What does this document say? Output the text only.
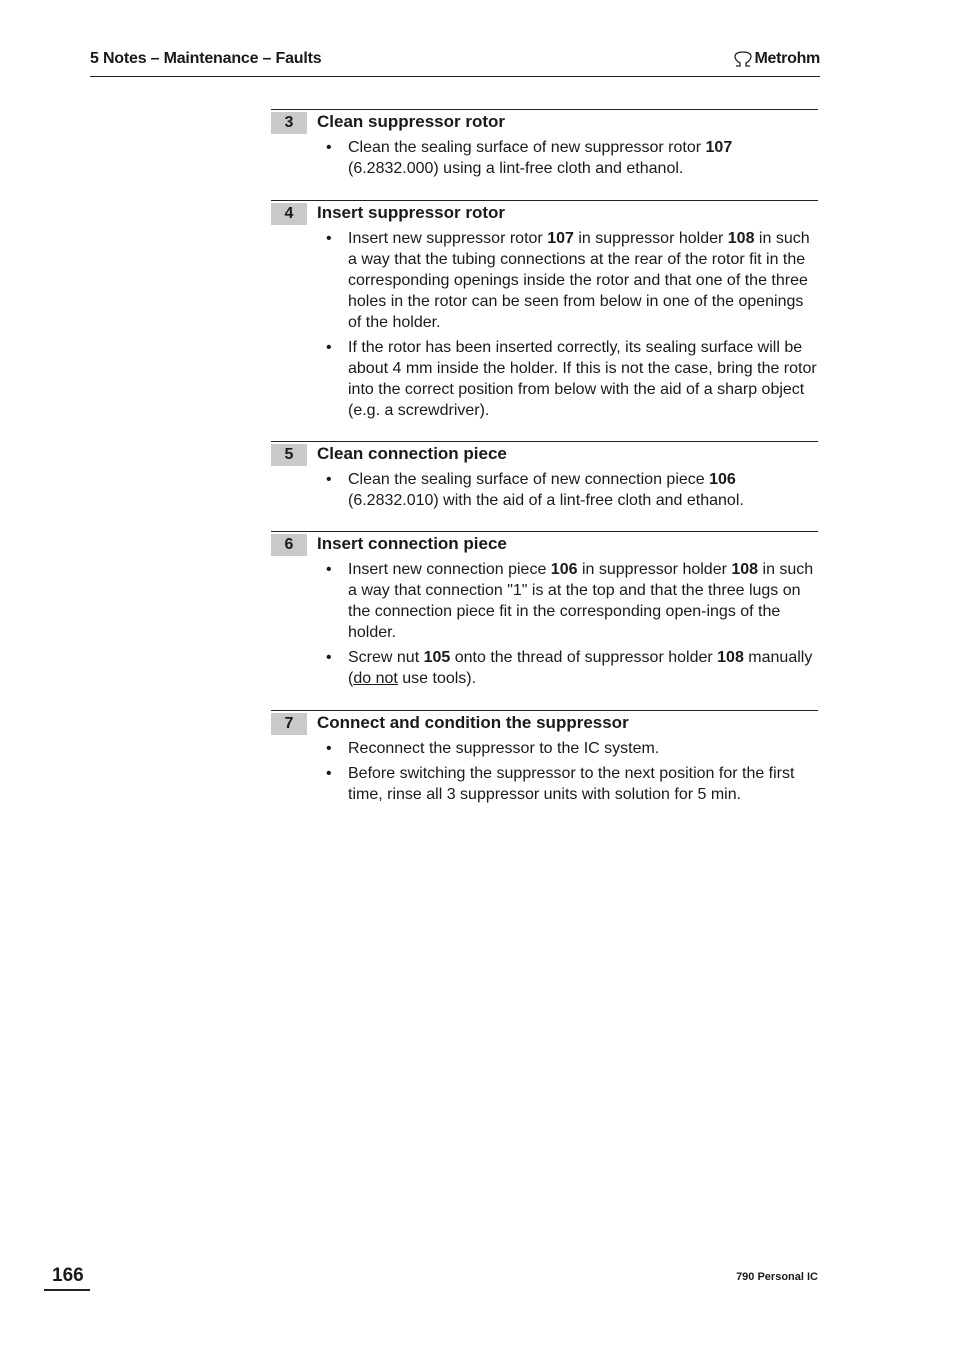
5 Notes – Maintenance – Faults	Metrohm
3	Clean suppressor rotor
• Clean the sealing surface of new suppressor rotor 107 (6.2832.000) using a lint-free cloth and ethanol.
4	Insert suppressor rotor
• Insert new suppressor rotor 107 in suppressor holder 108 in such a way that the tubing connections at the rear of the rotor fit in the corresponding openings inside the rotor and that one of the three holes in the rotor can be seen from below in one of the openings of the holder.
• If the rotor has been inserted correctly, its sealing surface will be about 4 mm inside the holder. If this is not the case, bring the rotor into the correct position from below with the aid of a sharp object (e.g. a screwdriver).
5	Clean connection piece
• Clean the sealing surface of new connection piece 106 (6.2832.010) with the aid of a lint-free cloth and ethanol.
6	Insert connection piece
• Insert new connection piece 106 in suppressor holder 108 in such a way that connection "1" is at the top and that the three lugs on the connection piece fit in the corresponding open-ings of the holder.
• Screw nut 105 onto the thread of suppressor holder 108 manually (do not use tools).
7	Connect and condition the suppressor
• Reconnect the suppressor to the IC system.
• Before switching the suppressor to the next position for the first time, rinse all 3 suppressor units with solution for 5 min.
166	790 Personal IC
